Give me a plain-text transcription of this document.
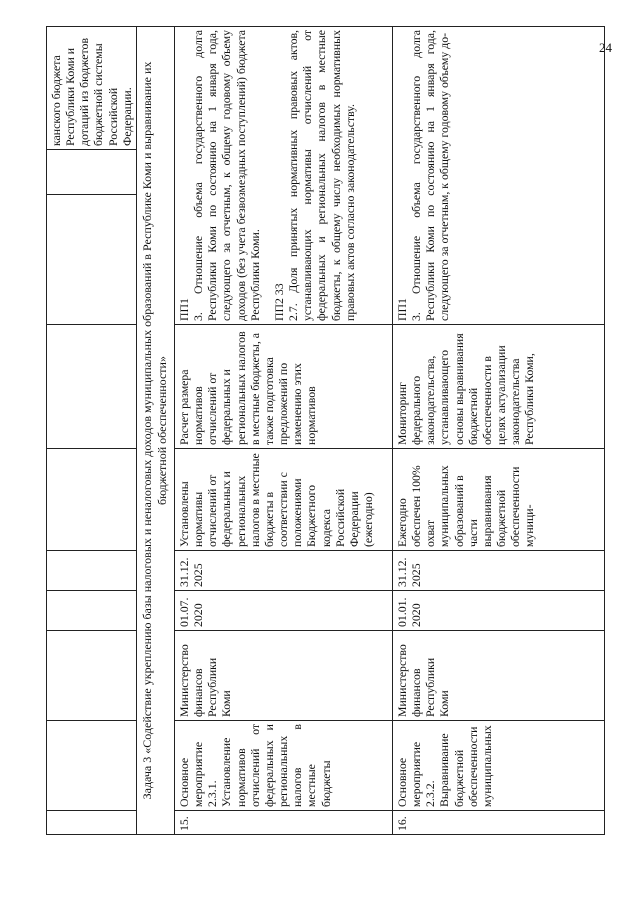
24
									канского бюджета Республики Коми и дотаций из бюджетов бюджетной системы Российской Федерации.
Задача 3 «Содействие укреплению базы налоговых и неналоговых доходов муниципальных образований в Республике Коми и выравнивание их бюджетной обеспеченности»									
15.	Основное мероприятие 2.3.1. Установление нормативов отчислений от федеральных и региональных налогов в местные бюджеты	Министерство финансов Республики Коми	01.07. 2020	31.12. 2025	Установлены нормативы отчислений от федеральных и региональных налогов в местные бюджеты в соответствии с положениями Бюджетного кодекса Российской Федерации (ежегодно)	Расчет размера нормативов отчислений от федеральных и региональных налогов в местные бюджеты, а также подготовка предложений по изменению этих нормативов	ПП1 3. Отношение объема государственного долга Республики Коми по состоянию на 1 января года, следующего за отчетным, к общему годовому объему доходов (без учета безвозмездных поступлений) бюджета Республики Коми. ПП2 33 2.7. Доля принятых нормативных правовых актов, устанавливающих нормативы отчислений от федеральных и региональных налогов в местные бюджеты, к общему числу необходимых нормативных правовых актов согласно законодательству.		

16.	Основное мероприятие 2.3.2. Выравнивание бюджетной обеспеченности муниципальных	Министерство финансов Республики Коми	01.01. 2020	31.12. 2025	Ежегодно обеспечен 100% охват муниципальных образований в части выравнивания бюджетной обеспеченности муници-	Мониторинг федерального законодательства, устанавливающего основы выравнивания бюджетной обеспеченности в целях актуализации законодательства Республики Коми,	ПП1 3. Отношение объема государственного долга Республики Коми по состоянию на 1 января года, следующего за отчетным, к общему годовому объему до-		
